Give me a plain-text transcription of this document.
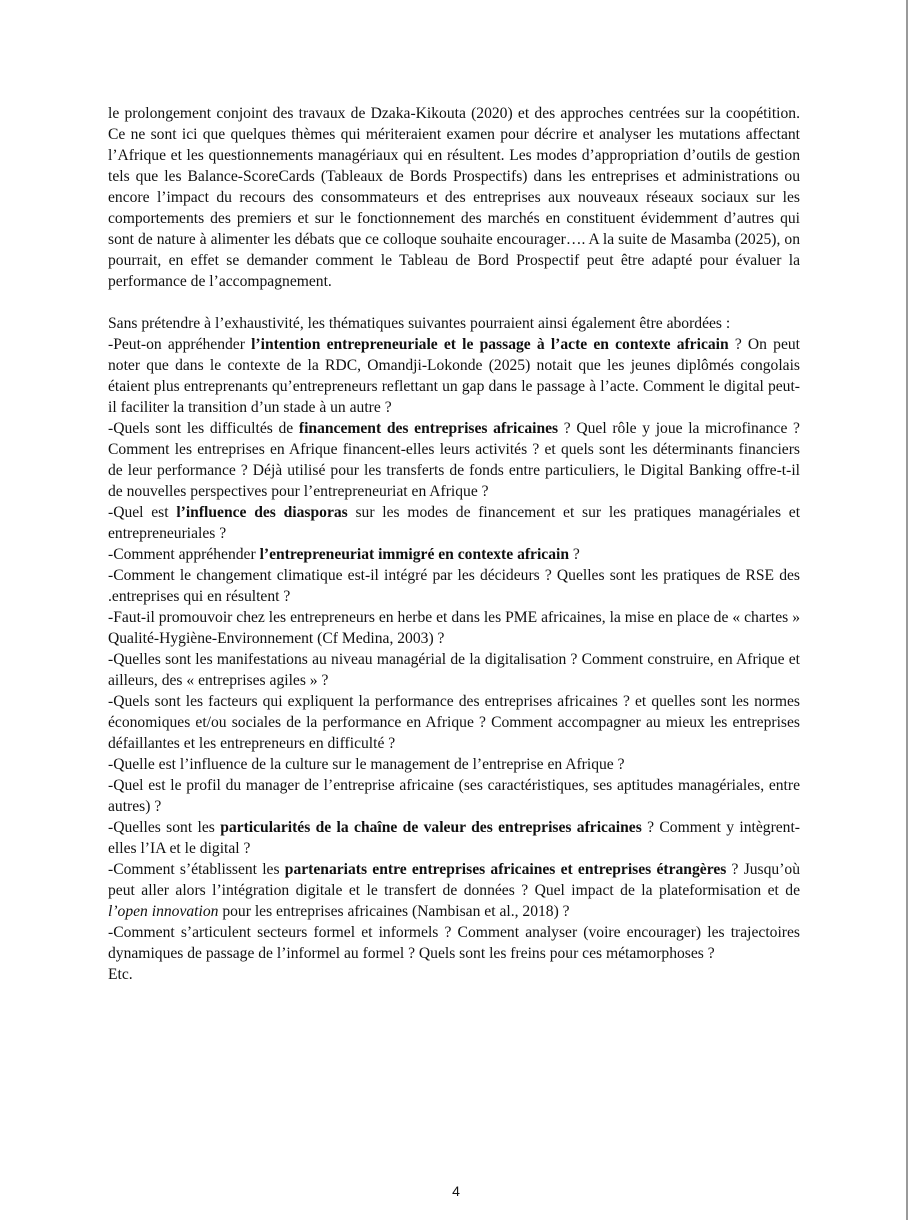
le prolongement conjoint des travaux de Dzaka-Kikouta (2020) et des approches centrées sur la coopétition. Ce ne sont ici que quelques thèmes qui mériteraient examen pour décrire et analyser les mutations affectant l’Afrique et les questionnements managériaux qui en résultent. Les modes d’appropriation d’outils de gestion tels que les Balance-ScoreCards (Tableaux de Bords Prospectifs) dans les entreprises et administrations ou encore l’impact du recours des consommateurs et des entreprises aux nouveaux réseaux sociaux sur les comportements des premiers et sur le fonctionnement des marchés en constituent évidemment d’autres qui sont de nature à alimenter les débats que ce colloque souhaite encourager…. A la suite de Masamba (2025), on pourrait, en effet se demander comment le Tableau de Bord Prospectif peut être adapté pour évaluer la performance de l’accompagnement.

Sans prétendre à l’exhaustivité, les thématiques suivantes pourraient ainsi également être abordées :

-Peut-on appréhender l’intention entrepreneuriale et le passage à l’acte en contexte africain ? On peut noter que dans le contexte de la RDC, Omandji-Lokonde (2025) notait que les jeunes diplômés congolais étaient plus entreprenants qu’entrepreneurs reflettant un gap dans le passage à l’acte. Comment le digital peut-il faciliter la transition d’un stade à un autre ?

-Quels sont les difficultés de financement des entreprises africaines ? Quel rôle y joue la microfinance ? Comment les entreprises en Afrique financent-elles leurs activités ? et quels sont les déterminants financiers de leur performance ? Déjà utilisé pour les transferts de fonds entre particuliers, le Digital Banking offre-t-il de nouvelles perspectives pour l’entrepreneuriat en Afrique ?

-Quel est l’influence des diasporas sur les modes de financement et sur les pratiques managériales et entrepreneuriales ?

-Comment appréhender l’entrepreneuriat immigré en contexte africain ?

-Comment le changement climatique est-il intégré par les décideurs ? Quelles sont les pratiques de RSE des .entreprises qui en résultent ?

-Faut-il promouvoir chez les entrepreneurs en herbe et dans les PME africaines, la mise en place de « chartes » Qualité-Hygiène-Environnement (Cf Medina, 2003) ?

-Quelles sont les manifestations au niveau managérial de la digitalisation ? Comment construire, en Afrique et ailleurs, des « entreprises agiles » ?

-Quels sont les facteurs qui expliquent la performance des entreprises africaines ? et quelles sont les normes économiques et/ou sociales de la performance en Afrique ? Comment accompagner au mieux les entreprises défaillantes et les entrepreneurs en difficulté ?

-Quelle est l’influence de la culture sur le management de l’entreprise en Afrique ?

-Quel est le profil du manager de l’entreprise africaine (ses caractéristiques, ses aptitudes managériales, entre autres) ?

-Quelles sont les particularités de la chaîne de valeur des entreprises africaines ? Comment y intègrent-elles l’IA et le digital ?

-Comment s’établissent les partenariats entre entreprises africaines et entreprises étrangères ? Jusqu’où peut aller alors l’intégration digitale et le transfert de données ? Quel impact de la plateformisation et de l’open innovation pour les entreprises africaines (Nambisan et al., 2018) ?

-Comment s’articulent secteurs formel et informels ? Comment analyser (voire encourager) les trajectoires dynamiques de passage de l’informel au formel ? Quels sont les freins pour ces métamorphoses ?

Etc.

4
